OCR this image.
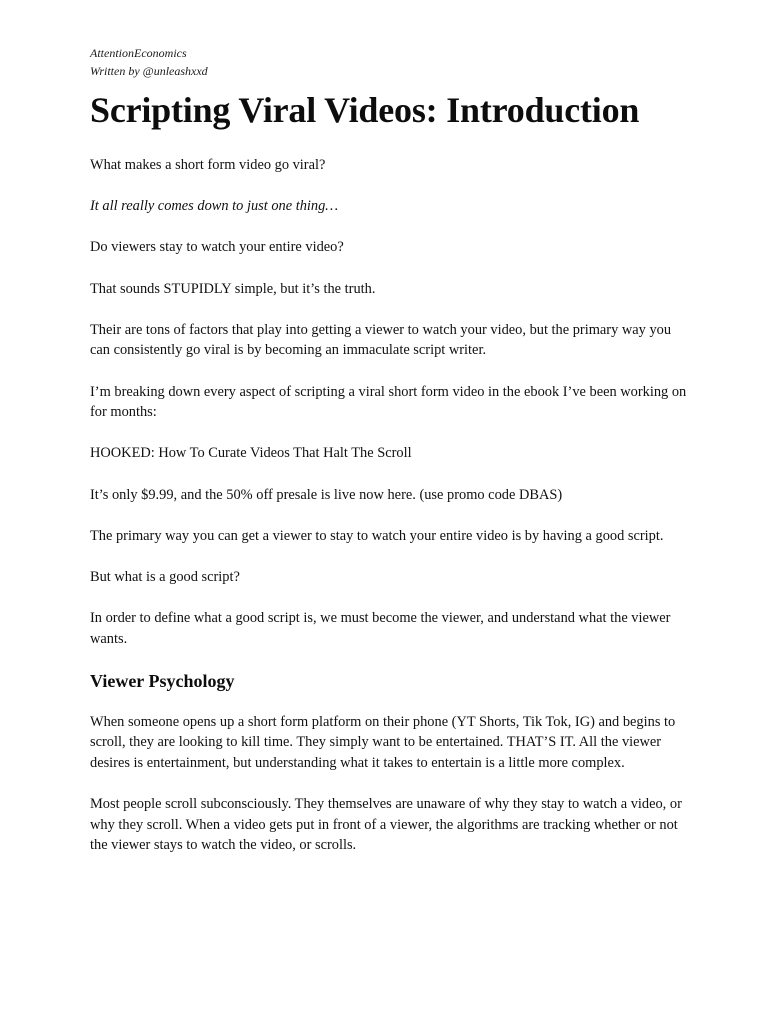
AttentionEconomics
Written by @unleashxxd
Scripting Viral Videos: Introduction

What makes a short form video go viral?

It all really comes down to just one thing…

Do viewers stay to watch your entire video?

That sounds STUPIDLY simple, but it’s the truth.

Their are tons of factors that play into getting a viewer to watch your video, but the primary way you can consistently go viral is by becoming an immaculate script writer.

I’m breaking down every aspect of scripting a viral short form video in the ebook I’ve been working on for months:

HOOKED: How To Curate Videos That Halt The Scroll

It’s only $9.99, and the 50% off presale is live now here. (use promo code DBAS)

The primary way you can get a viewer to stay to watch your entire video is by having a good script.

But what is a good script?

In order to define what a good script is, we must become the viewer, and understand what the viewer wants.

Viewer Psychology

When someone opens up a short form platform on their phone (YT Shorts, Tik Tok, IG) and begins to scroll, they are looking to kill time. They simply want to be entertained. THAT’S IT. All the viewer desires is entertainment, but understanding what it takes to entertain is a little more complex.

Most people scroll subconsciously. They themselves are unaware of why they stay to watch a video, or why they scroll. When a video gets put in front of a viewer, the algorithms are tracking whether or not the viewer stays to watch the video, or scrolls.
